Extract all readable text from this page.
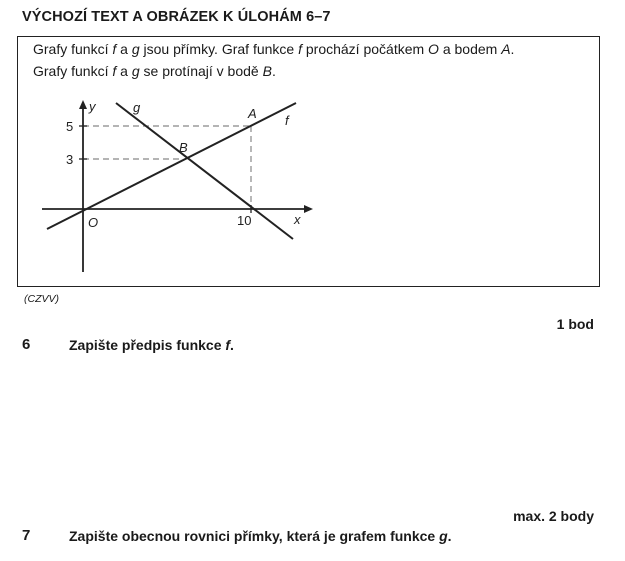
VÝCHOZÍ TEXT A OBRÁZEK K ÚLOHÁM 6–7
Grafy funkcí f a g jsou přímky. Graf funkce f prochází počátkem O a bodem A.
Grafy funkcí f a g se protínají v bodě B.
y
x
O
5
3
10
A
B
f
g
(CZVV)
1 bod
6	Zapište předpis funkce f.
max. 2 body
7	Zapište obecnou rovnici přímky, která je grafem funkce g.
